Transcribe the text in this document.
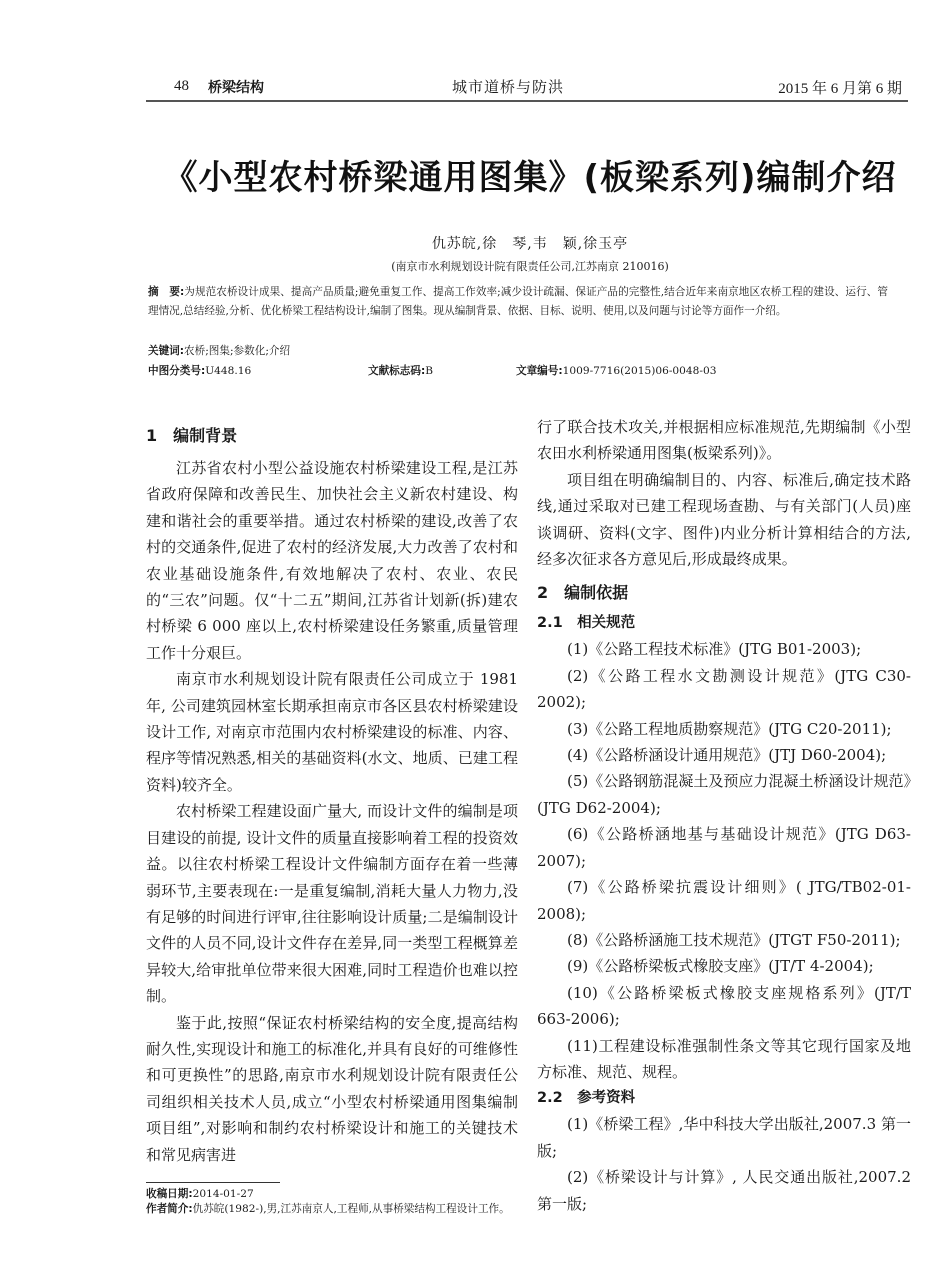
48 桥梁结构	城市道桥与防洪	2015 年 6 月第 6 期
《小型农村桥梁通用图集》(板梁系列)编制介绍
仇苏皖,徐　琴,韦　颖,徐玉亭
(南京市水利规划设计院有限责任公司,江苏南京 210016)
摘　要:为规范农桥设计成果、提高产品质量;避免重复工作、提高工作效率;减少设计疏漏、保证产品的完整性,结合近年来南京地区农桥工程的建设、运行、管理情况,总结经验,分析、优化桥梁工程结构设计,编制了图集。现从编制背景、依据、目标、说明、使用,以及问题与讨论等方面作一介绍。
关键词:农桥;图集;参数化;介绍
中图分类号:U448.16	文献标志码:B	文章编号:1009-7716(2015)06-0048-03
1　编制背景

江苏省农村小型公益设施农村桥梁建设工程,是江苏省政府保障和改善民生、加快社会主义新农村建设、构建和谐社会的重要举措。通过农村桥梁的建设,改善了农村的交通条件,促进了农村的经济发展,大力改善了农村和农业基础设施条件,有效地解决了农村、农业、农民的“三农”问题。仅“十二五”期间,江苏省计划新(拆)建农村桥梁 6 000 座以上,农村桥梁建设任务繁重,质量管理工作十分艰巨。

南京市水利规划设计院有限责任公司成立于 1981 年, 公司建筑园林室长期承担南京市各区县农村桥梁建设设计工作, 对南京市范围内农村桥梁建设的标准、内容、程序等情况熟悉,相关的基础资料(水文、地质、已建工程资料)较齐全。

农村桥梁工程建设面广量大, 而设计文件的编制是项目建设的前提, 设计文件的质量直接影响着工程的投资效益。以往农村桥梁工程设计文件编制方面存在着一些薄弱环节,主要表现在:一是重复编制,消耗大量人力物力,没有足够的时间进行评审,往往影响设计质量;二是编制设计文件的人员不同,设计文件存在差异,同一类型工程概算差异较大,给审批单位带来很大困难,同时工程造价也难以控制。

鉴于此,按照“保证农村桥梁结构的安全度,提高结构耐久性,实现设计和施工的标准化,并具有良好的可维修性和可更换性”的思路,南京市水利规划设计院有限责任公司组织相关技术人员,成立“小型农村桥梁通用图集编制项目组”,对影响和制约农村桥梁设计和施工的关键技术和常见病害进

收稿日期:2014-01-27
作者简介:仇苏皖(1982-),男,江苏南京人,工程师,从事桥梁结构工程设计工作。

行了联合技术攻关,并根据相应标准规范,先期编制《小型农田水利桥梁通用图集(板梁系列)》。

项目组在明确编制目的、内容、标准后,确定技术路线,通过采取对已建工程现场查勘、与有关部门(人员)座谈调研、资料(文字、图件)内业分析计算相结合的方法,经多次征求各方意见后,形成最终成果。

2　编制依据
2.1　相关规范

(1)《公路工程技术标准》(JTG B01-2003);

(2)《公路工程水文勘测设计规范》(JTG C30-2002);

(3)《公路工程地质勘察规范》(JTG C20-2011);

(4)《公路桥涵设计通用规范》(JTJ D60-2004);

(5)《公路钢筋混凝土及预应力混凝土桥涵设计规范》(JTG D62-2004);

(6)《公路桥涵地基与基础设计规范》(JTG D63-2007);

(7)《公路桥梁抗震设计细则》( JTG/TB02-01-2008);

(8)《公路桥涵施工技术规范》(JTGT F50-2011);

(9)《公路桥梁板式橡胶支座》(JT/T 4-2004);

(10)《公路桥梁板式橡胶支座规格系列》(JT/T 663-2006);

(11)工程建设标准强制性条文等其它现行国家及地方标准、规范、规程。

2.2　参考资料

(1)《桥梁工程》,华中科技大学出版社,2007.3 第一版;

(2)《桥梁设计与计算》, 人民交通出版社,2007.2 第一版;
